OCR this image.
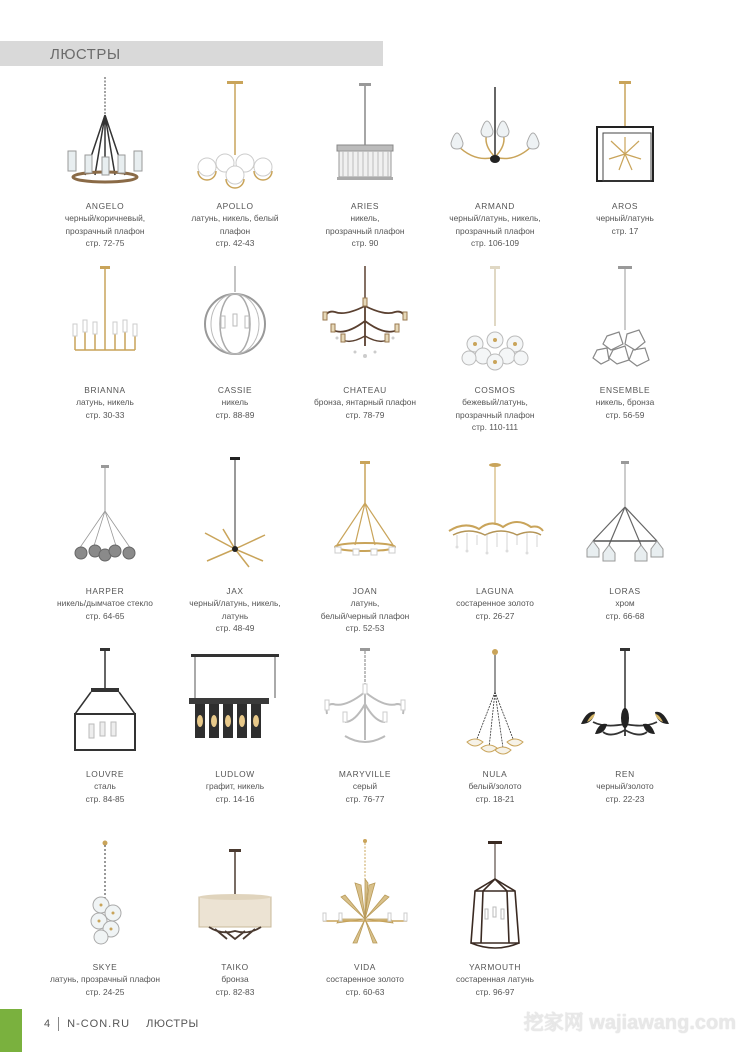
ЛЮСТРЫ
ANGELO
черный/коричневый,
прозрачный плафон
стр. 72-75
APOLLO
латунь, никель, белый
плафон
стр. 42-43
ARIES
никель,
прозрачный плафон
стр. 90
ARMAND
черный/латунь, никель,
прозрачный плафон
стр. 106-109
AROS
черный/латунь
стр. 17
BRIANNA
латунь, никель
стр. 30-33
CASSIE
никель
стр. 88-89
CHATEAU
бронза, янтарный плафон
стр. 78-79
COSMOS
бежевый/латунь,
прозрачный плафон
стр. 110-111
ENSEMBLE
никель, бронза
стр. 56-59
HARPER
никель/дымчатое стекло
стр. 64-65
JAX
черный/латунь, никель,
латунь
стр. 48-49
JOAN
латунь,
белый/черный плафон
стр. 52-53
LAGUNA
состаренное золото
стр. 26-27
LORAS
хром
стр. 66-68
LOUVRE
сталь
стр. 84-85
LUDLOW
графит, никель
стр. 14-16
MARYVILLE
серый
стр. 76-77
NULA
белый/золото
стр. 18-21
REN
черный/золото
стр. 22-23
SKYE
латунь, прозрачный плафон
стр. 24-25
TAIKO
бронза
стр. 82-83
VIDA
состаренное золото
стр. 60-63
YARMOUTH
состаренная латунь
стр. 96-97
4 N-CON.RU ЛЮСТРЫ	挖家网 wajiawang.com
